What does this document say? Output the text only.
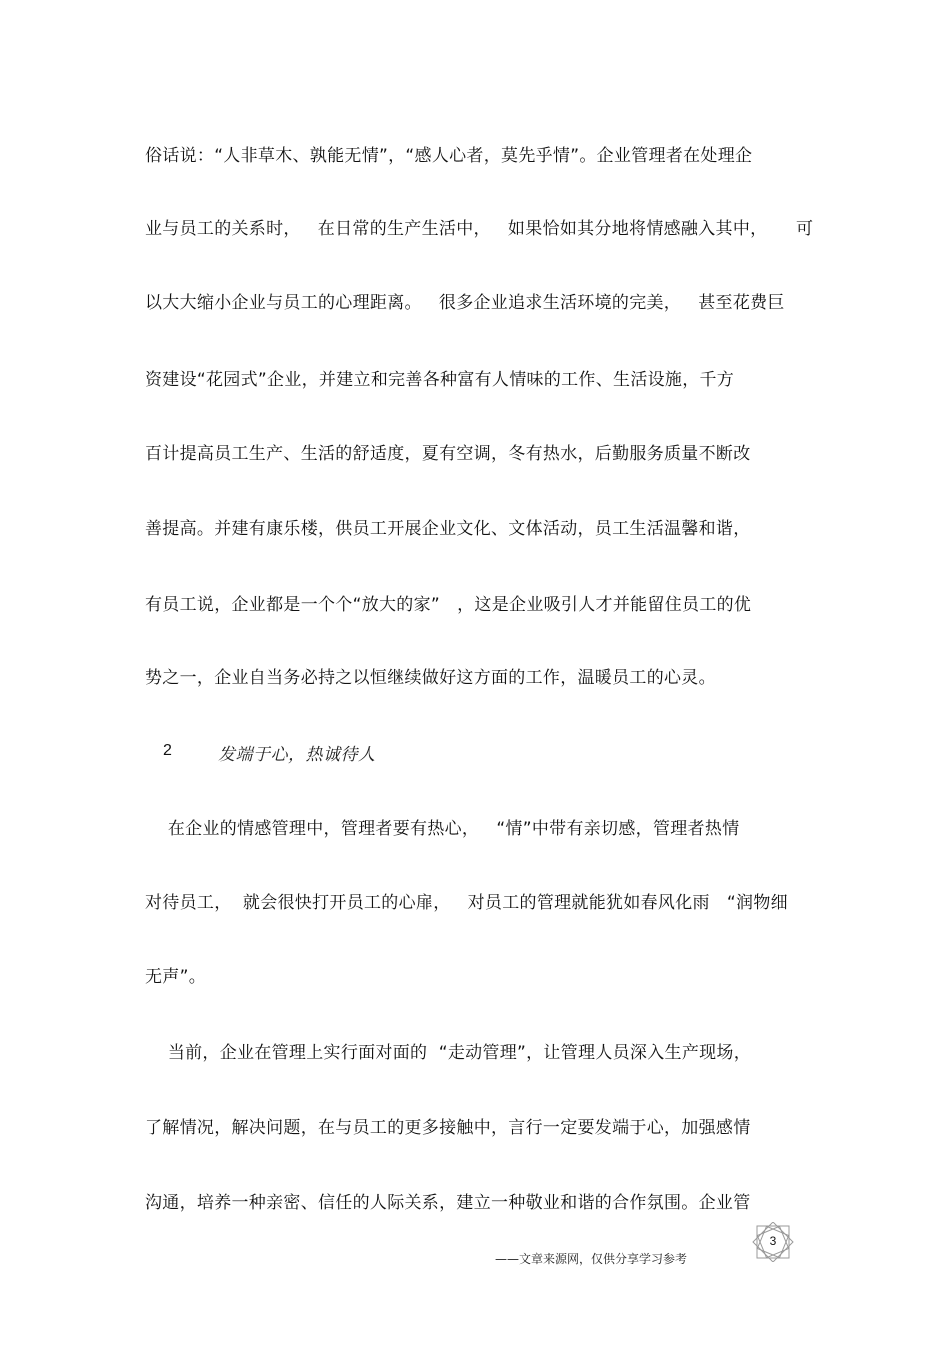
俗话说：“人非草木、孰能无情”，“感人心者，莫先乎情”。企业管理者在处理企
业与员工的关系时，   在日常的生产生活中，   如果恰如其分地将情感融入其中，     可
以大大缩小企业与员工的心理距离。   很多企业追求生活环境的完美，   甚至花费巨
资建设“花园式”企业，并建立和完善各种富有人情味的工作、生活设施，千方
百计提高员工生产、生活的舒适度，夏有空调，冬有热水，后勤服务质量不断改
善提高。并建有康乐楼，供员工开展企业文化、文体活动，员工生活温馨和谐，
有员工说，企业都是一个个“放大的家”   ，这是企业吸引人才并能留住员工的优
势之一，企业自当务必持之以恒继续做好这方面的工作，温暖员工的心灵。
2	发端于心，热诚待人
在企业的情感管理中，管理者要有热心，   “情”中带有亲切感，管理者热情
对待员工，  就会很快打开员工的心扉，   对员工的管理就能犹如春风化雨   “润物细
无声”。
当前，企业在管理上实行面对面的  “走动管理”，让管理人员深入生产现场，
了解情况，解决问题，在与员工的更多接触中，言行一定要发端于心，加强感情
沟通，培养一种亲密、信任的人际关系，建立一种敬业和谐的合作氛围。企业管
——文章来源网，仅供分享学习参考
3
